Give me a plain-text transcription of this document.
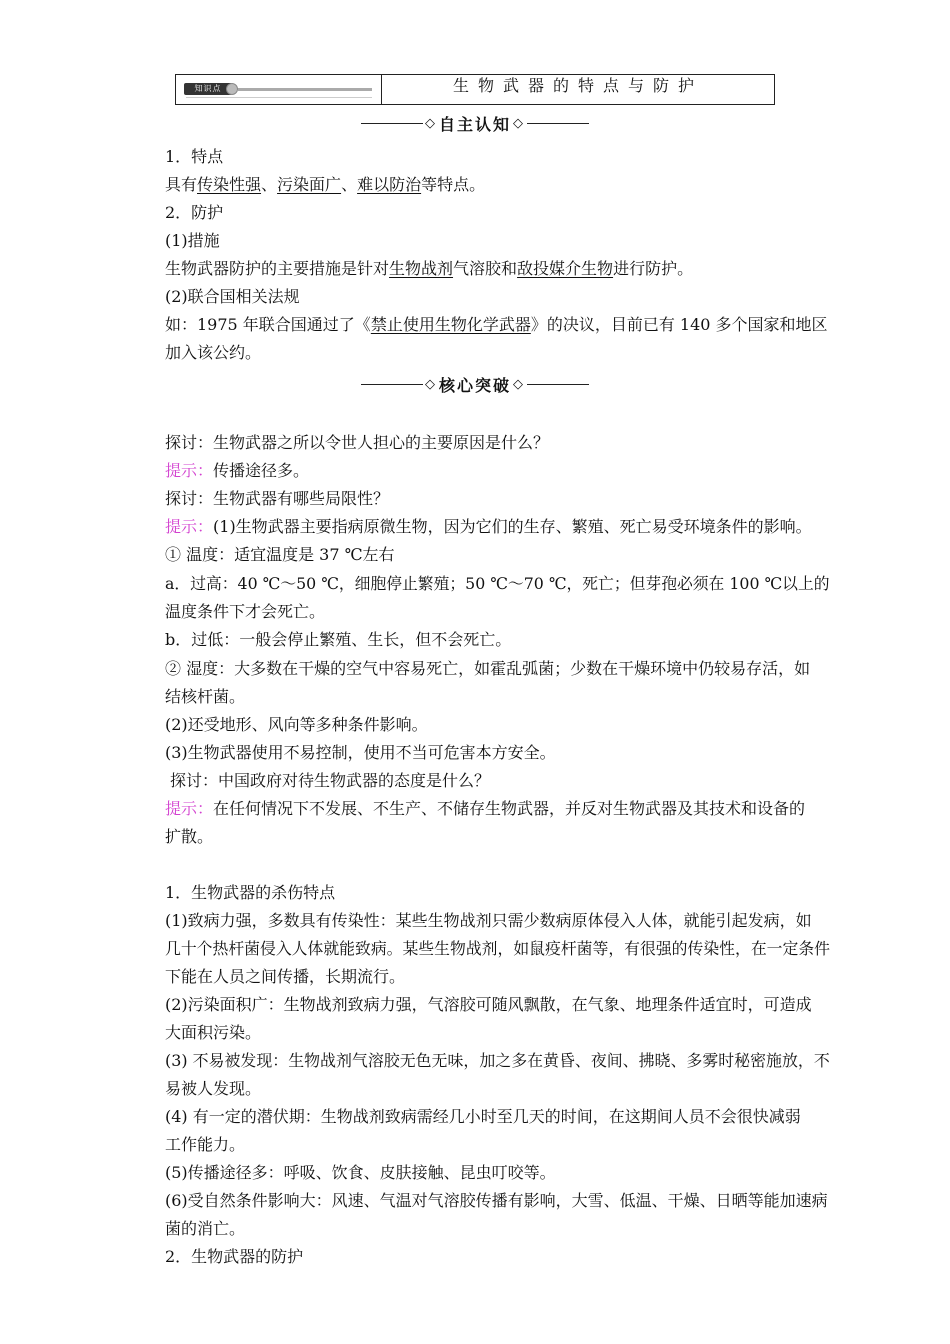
知识点	生物武器的特点与防护
◇ 自主认知 ◇
1．特点
具有传染性强、污染面广、难以防治等特点。
2．防护
(1)措施
生物武器防护的主要措施是针对生物战剂气溶胶和敌投媒介生物进行防护。
(2)联合国相关法规
如：1975 年联合国通过了《禁止使用生物化学武器》的决议，目前已有 140 多个国家和地区
加入该公约。
◇ 核心突破 ◇
探讨：生物武器之所以令世人担心的主要原因是什么？
提示：传播途径多。
探讨：生物武器有哪些局限性？
提示：(1)生物武器主要指病原微生物，因为它们的生存、繁殖、死亡易受环境条件的影响。
① 温度：适宜温度是 37 ℃左右
a．过高：40 ℃～50 ℃，细胞停止繁殖；50 ℃～70 ℃，死亡；但芽孢必须在 100 ℃以上的
温度条件下才会死亡。
b．过低：一般会停止繁殖、生长，但不会死亡。
② 湿度：大多数在干燥的空气中容易死亡，如霍乱弧菌；少数在干燥环境中仍较易存活，如
结核杆菌。
(2)还受地形、风向等多种条件影响。
(3)生物武器使用不易控制，使用不当可危害本方安全。
探讨：中国政府对待生物武器的态度是什么？
提示：在任何情况下不发展、不生产、不储存生物武器，并反对生物武器及其技术和设备的
扩散。
1．生物武器的杀伤特点
(1)致病力强，多数具有传染性：某些生物战剂只需少数病原体侵入人体，就能引起发病，如
几十个热杆菌侵入人体就能致病。某些生物战剂，如鼠疫杆菌等，有很强的传染性，在一定条件
下能在人员之间传播，长期流行。
(2)污染面积广：生物战剂致病力强，气溶胶可随风飘散，在气象、地理条件适宜时，可造成
大面积污染。
(3) 不易被发现：生物战剂气溶胶无色无味，加之多在黄昏、夜间、拂晓、多雾时秘密施放，不
易被人发现。
(4) 有一定的潜伏期：生物战剂致病需经几小时至几天的时间，在这期间人员不会很快减弱
工作能力。
(5)传播途径多：呼吸、饮食、皮肤接触、昆虫叮咬等。
(6)受自然条件影响大：风速、气温对气溶胶传播有影响，大雪、低温、干燥、日晒等能加速病
菌的消亡。
2．生物武器的防护
